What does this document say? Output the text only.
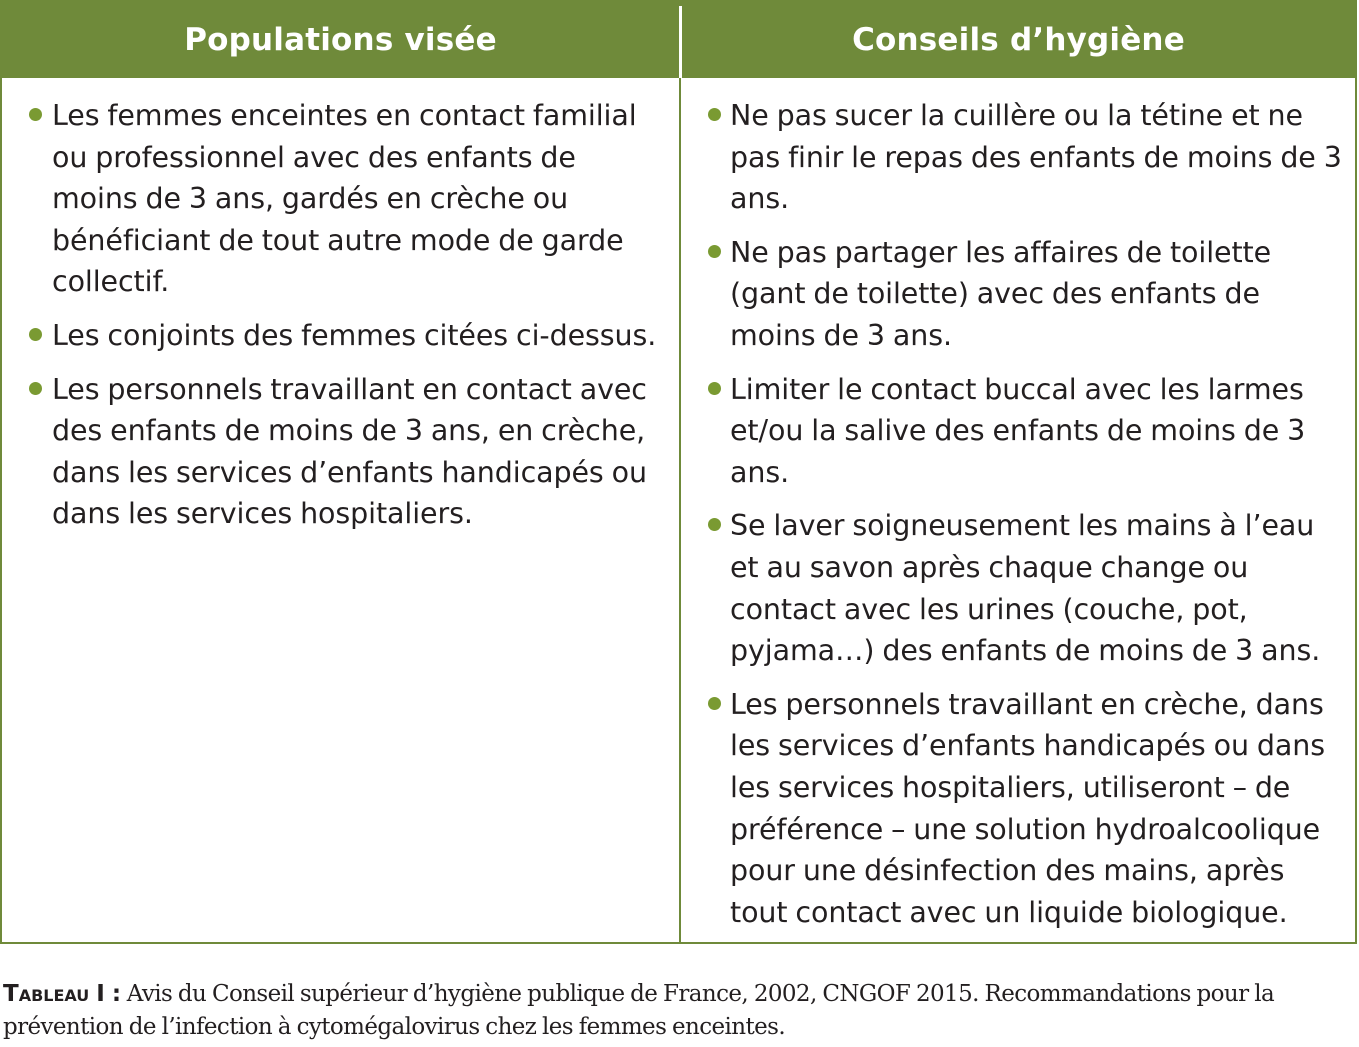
Populations visée	Conseils d’hygiène
Les femmes enceintes en contact familial ou professionnel avec des enfants de moins de 3 ans, gardés en crèche ou bénéficiant de tout autre mode de garde collectif.
Les conjoints des femmes citées ci-dessus.
Les personnels travaillant en contact avec des enfants de moins de 3 ans, en crèche, dans les services d’enfants handicapés ou dans les services hospitaliers.
Ne pas sucer la cuillère ou la tétine et ne pas finir le repas des enfants de moins de 3 ans.
Ne pas partager les affaires de toilette (gant de toilette) avec des enfants de moins de 3 ans.
Limiter le contact buccal avec les larmes et/ou la salive des enfants de moins de 3 ans.
Se laver soigneusement les mains à l’eau et au savon après chaque change ou contact avec les urines (couche, pot, pyjama…) des enfants de moins de 3 ans.
Les personnels travaillant en crèche, dans les services d’enfants handicapés ou dans les services hospitaliers, utiliseront – de préférence – une solution hydroalcoolique pour une désinfection des mains, après tout contact avec un liquide biologique.
Tableau I : Avis du Conseil supérieur d’hygiène publique de France, 2002, CNGOF 2015. Recommandations pour la prévention de l’infection à cytomégalovirus chez les femmes enceintes.
